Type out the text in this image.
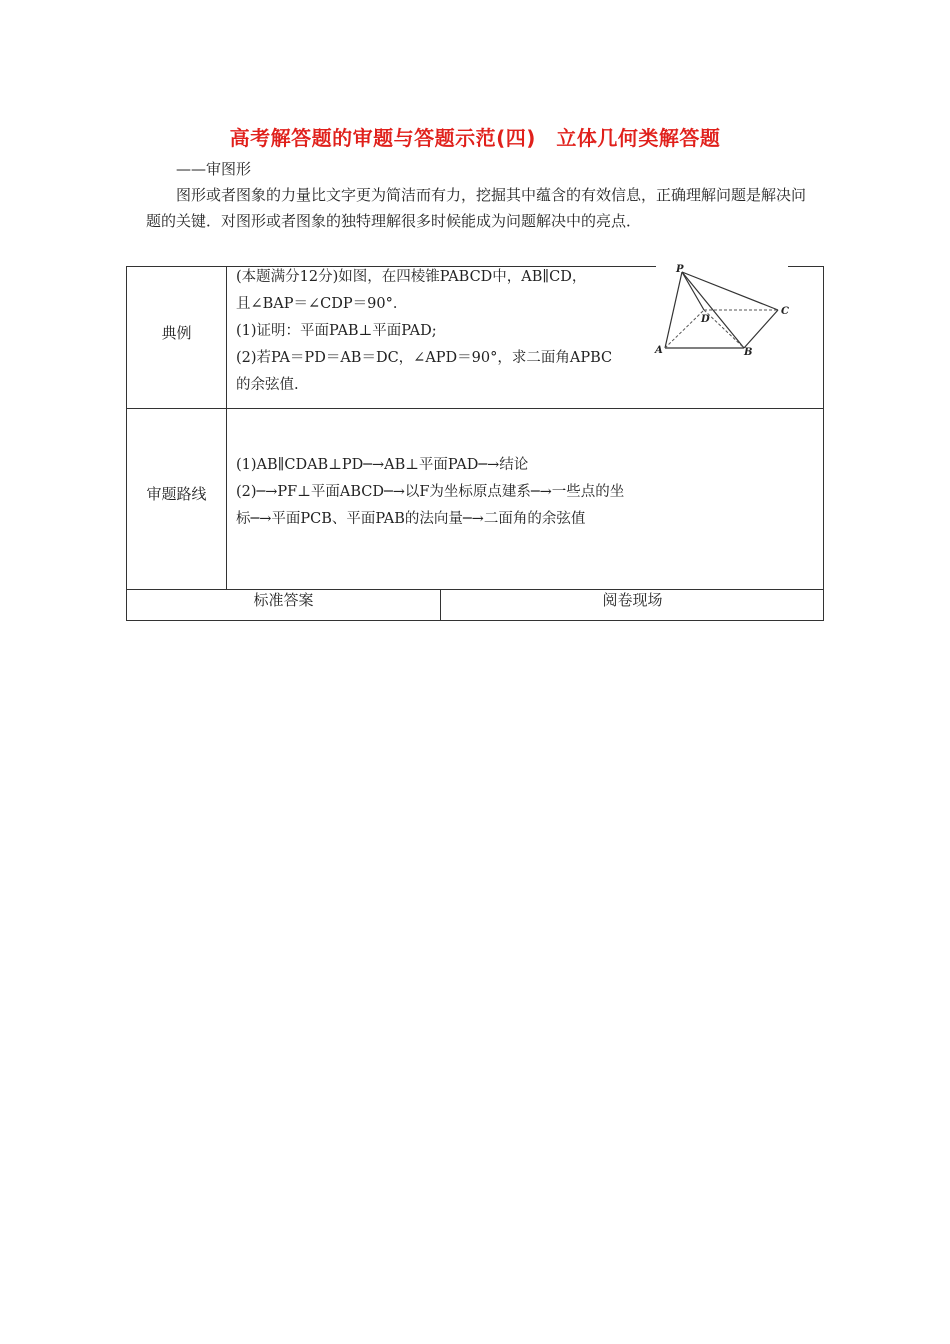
高考解答题的审题与答题示范(四)　立体几何类解答题
——审图形
图形或者图象的力量比文字更为简洁而有力，挖掘其中蕴含的有效信息，正确理解问题是解决问题的关键．对图形或者图象的独特理解很多时候能成为问题解决中的亮点．
典例
审题路线
标准答案	阅卷现场
(本题满分12分)如图，在四棱锥PABCD中，AB∥CD，
且∠BAP＝∠CDP＝90°．
(1)证明：平面PAB⊥平面PAD;
(2)若PA＝PD＝AB＝DC，∠APD＝90°，求二面角APBC
的余弦值.
(1)AB∥CDAB⊥PD─→AB⊥平面PAD─→结论
(2)─→PF⊥平面ABCD─→以F为坐标原点建系─→一些点的坐
标─→平面PCB、平面PAB的法向量─→二面角的余弦值
P
A	B
C
D
